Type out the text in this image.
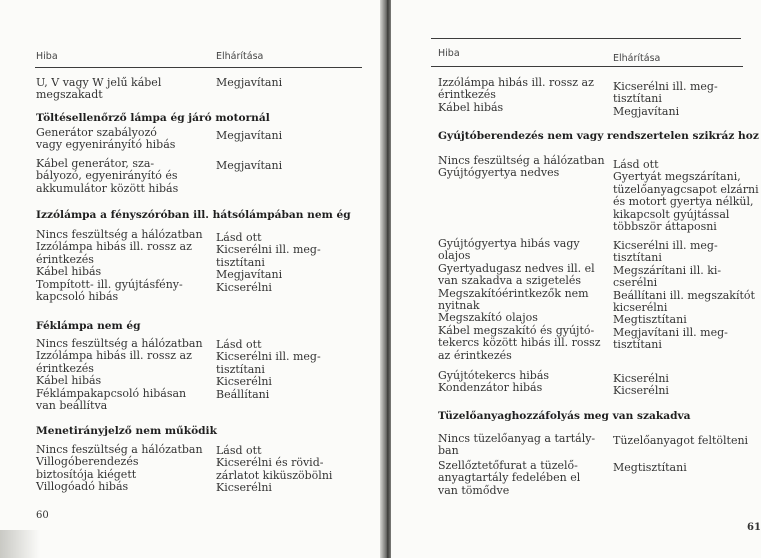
Hiba	Elhárítása
U, V vagy W jelű kábel
megszakadt
Megjavítani
Töltésellenőrző lámpa ég járó motornál
Generátor szabályozó
vagy egyenirányító hibás
Megjavítani
Kábel generátor, sza-
bályozó, egyenirányító és
akkumulátor között hibás
Megjavítani
Izzólámpa a fényszóróban ill. hátsólámpában nem ég
Nincs feszültség a hálózatban
Izzólámpa hibás ill. rossz az
érintkezés
Kábel hibás
Tompított- ill. gyújtásfény-
kapcsoló hibás
Lásd ott
Kicserélni ill. meg-
tisztítani
Megjavítani
Kicserélni
Féklámpa nem ég
Nincs feszültség a hálózatban
Izzólámpa hibás ill. rossz az
érintkezés
Kábel hibás
Féklámpakapcsoló hibásan
van beállítva
Lásd ott
Kicserélni ill. meg-
tisztítani
Kicserélni
Beállítani
Menetirányjelző nem működik
Nincs feszültség a hálózatban
Villogóberendezés
biztosítója kiégett
Villogóadó hibás
Lásd ott
Kicserélni és rövid-
zárlatot kiküszöbölni
Kicserélni
60
Hiba	Elhárítása
Izzólámpa hibás ill. rossz az
érintkezés
Kábel hibás
Kicserélni ill. meg-
tisztítani
Megjavítani
Gyújtóberendezés nem vagy rendszertelen szikráz hoz
Nincs feszültség a hálózatban
Gyújtógyertya nedves
Lásd ott
Gyertyát megszárítani,
tüzelőanyagcsapot elzárni
és motort gyertya nélkül,
kikapcsolt gyújtással
többször áttaposni
Gyújtógyertya hibás vagy
olajos
Gyertyadugasz nedves ill. el
van szakadva a szigetelés
Megszakítóérintkezők nem
nyitnak
Megszakító olajos
Kábel megszakító és gyújtó-
tekercs között hibás ill. rossz
az érintkezés
Kicserélni ill. meg-
tisztítani
Megszárítani ill. ki-
cserélni
Beállítani ill. megszakítót
kicserélni
Megtisztítani
Megjavítani ill. meg-
tisztítani
Gyújtótekercs hibás
Kondenzátor hibás
Kicserélni
Kicserélni
Tüzelőanyaghozzáfolyás meg van szakadva
Nincs tüzelőanyag a tartály-
ban
Tüzelőanyagot feltölteni
Szellőztetőfurat a tüzelő-
anyagtartály fedelében el
van tömődve
Megtisztítani
61
